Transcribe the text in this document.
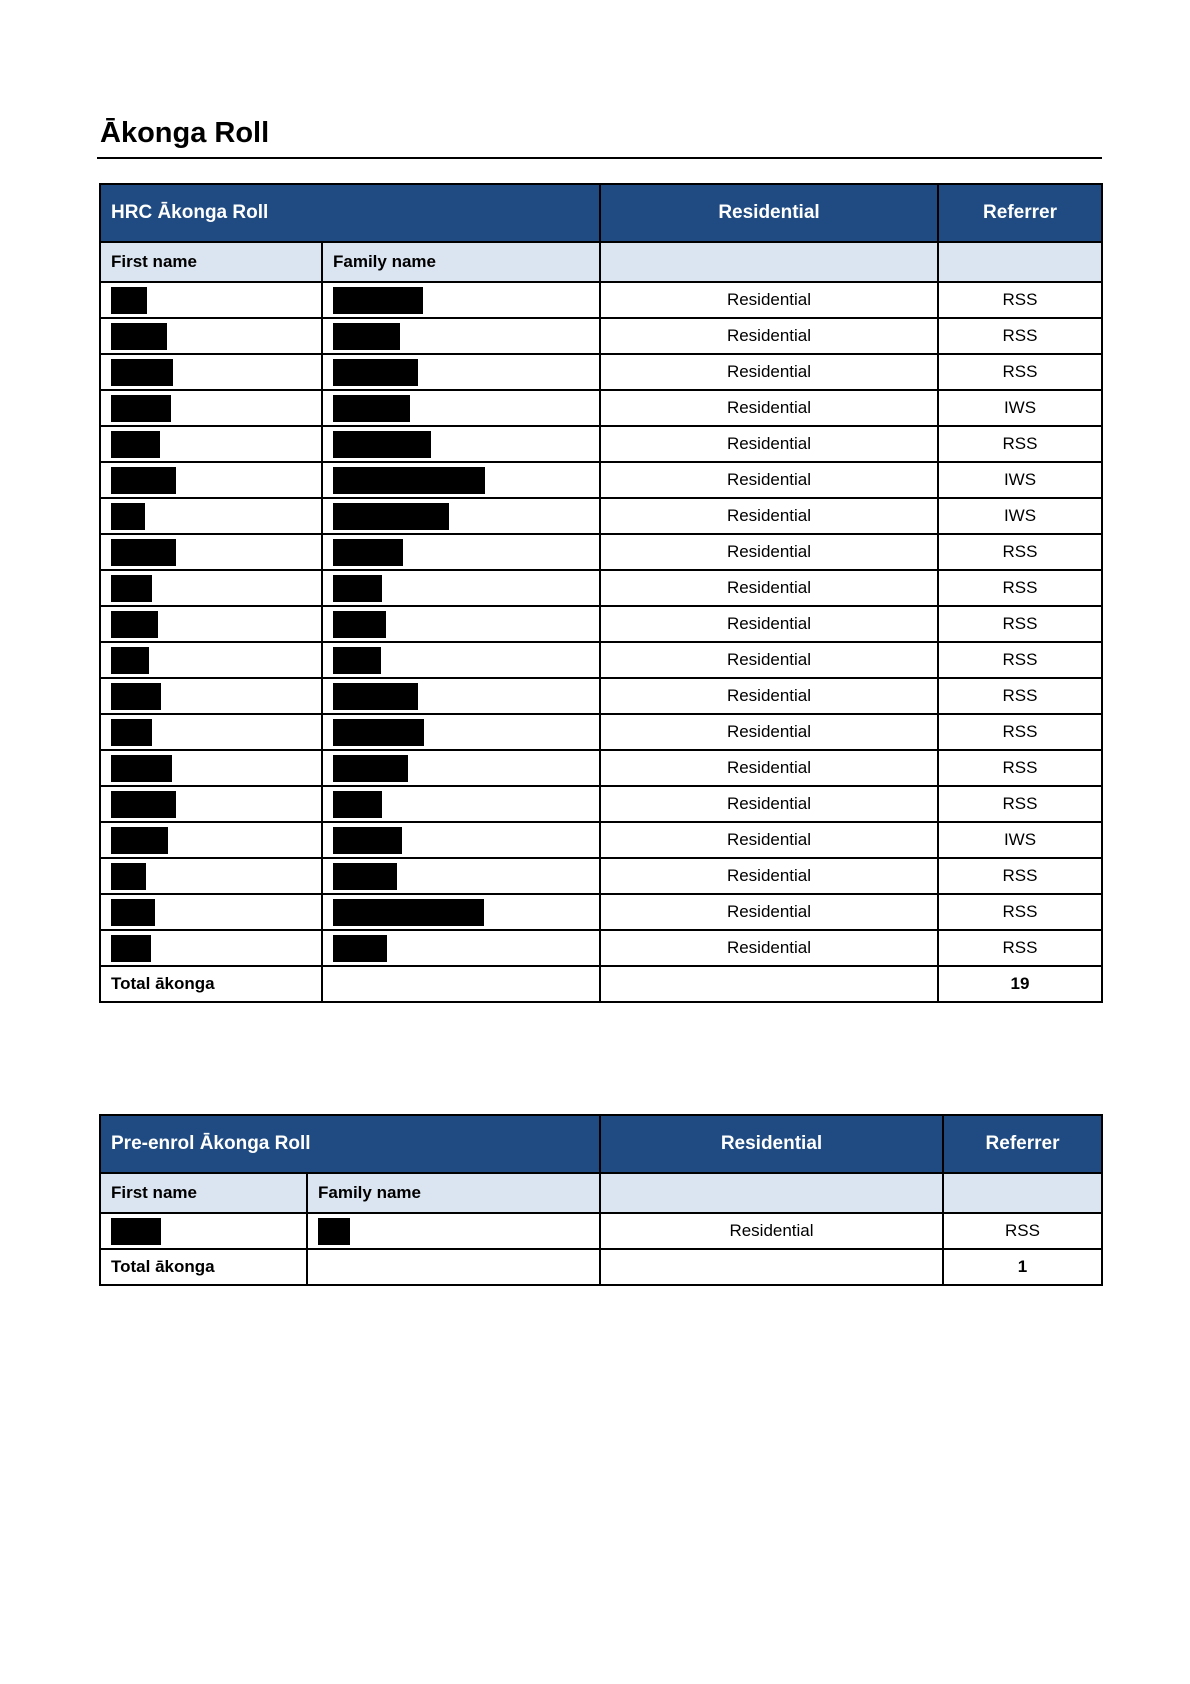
Ākonga Roll
HRC Ākonga Roll		Residential	Referrer
First name	Family name		
		Residential	RSS
		Residential	RSS
		Residential	RSS
		Residential	IWS
		Residential	RSS
		Residential	IWS
		Residential	IWS
		Residential	RSS
		Residential	RSS
		Residential	RSS
		Residential	RSS
		Residential	RSS
		Residential	RSS
		Residential	RSS
		Residential	RSS
		Residential	IWS
		Residential	RSS
		Residential	RSS
		Residential	RSS
Total ākonga			19
Pre-enrol Ākonga Roll		Residential	Referrer
First name	Family name		
		Residential	RSS
Total ākonga			1
